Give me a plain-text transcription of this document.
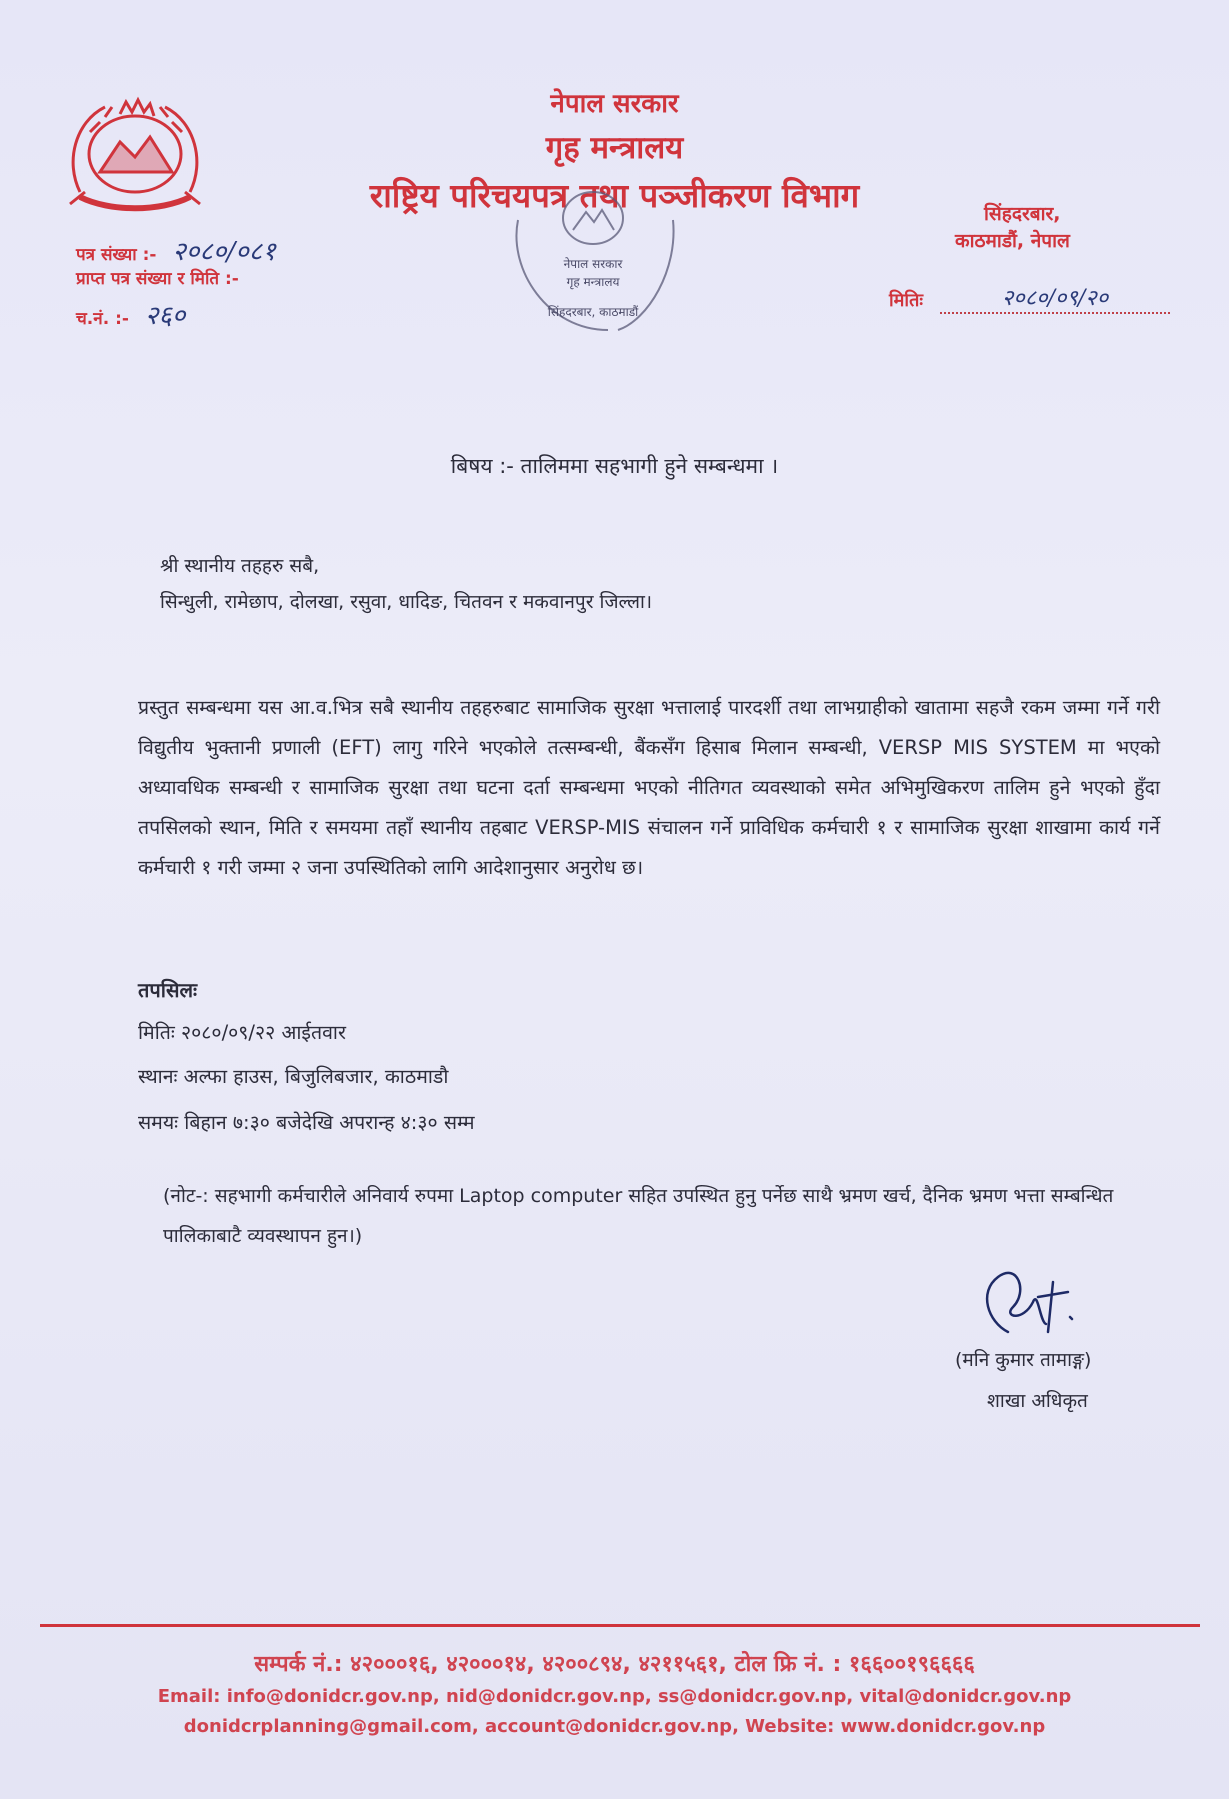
नेपाल सरकार
गृह मन्त्रालय
राष्ट्रिय परिचयपत्र तथा पञ्जीकरण विभाग	सिंहदरबार,
काठमाडौं, नेपाल
पत्र संख्या :- २०८०/०८१
प्राप्त पत्र संख्या र मिति :-
च.नं. :- २६०
मितिः	२०८०/०९/२०
नेपाल सरकार
गृह मन्त्रालय
सिंहदरबार, काठमाडौं
बिषय :- तालिममा सहभागी हुने सम्बन्धमा ।
श्री स्थानीय तहहरु सबै,
सिन्धुली, रामेछाप, दोलखा, रसुवा, धादिङ, चितवन र मकवानपुर जिल्ला।
प्रस्तुत सम्बन्धमा यस आ.व.भित्र सबै स्थानीय तहहरुबाट सामाजिक सुरक्षा भत्तालाई पारदर्शी तथा लाभग्राहीको खातामा सहजै रकम जम्मा गर्ने गरी विद्युतीय भुक्तानी प्रणाली (EFT) लागु गरिने भएकोले तत्सम्बन्धी, बैंकसँग हिसाब मिलान सम्बन्धी, VERSP MIS SYSTEM मा भएको अध्यावधिक सम्बन्धी र सामाजिक सुरक्षा तथा घटना दर्ता सम्बन्धमा भएको नीतिगत व्यवस्थाको समेत अभिमुखिकरण तालिम हुने भएको हुँदा तपसिलको स्थान, मिति र समयमा तहाँ स्थानीय तहबाट VERSP-MIS संचालन गर्ने प्राविधिक कर्मचारी १ र सामाजिक सुरक्षा शाखामा कार्य गर्ने कर्मचारी १ गरी जम्मा २ जना उपस्थितिको लागि आदेशानुसार अनुरोध छ।
तपसिलः
मितिः २०८०/०९/२२ आईतवार
स्थानः अल्फा हाउस, बिजुलिबजार, काठमाडौ
समयः बिहान ७:३० बजेदेखि अपरान्ह ४:३० सम्म
(नोट-: सहभागी कर्मचारीले अनिवार्य रुपमा Laptop computer सहित उपस्थित हुनु पर्नेछ साथै भ्रमण खर्च, दैनिक भ्रमण भत्ता सम्बन्धित पालिकाबाटै व्यवस्थापन हुन।)
(मनि कुमार तामाङ्ग)
शाखा अधिकृत
सम्पर्क नं.: ४२०००१६, ४२०००१४, ४२००८९४, ४२११५६१, टोल फ्रि नं. : १६६००१९६६६६
Email: info@donidcr.gov.np, nid@donidcr.gov.np, ss@donidcr.gov.np, vital@donidcr.gov.np
donidcrplanning@gmail.com, account@donidcr.gov.np, Website: www.donidcr.gov.np
